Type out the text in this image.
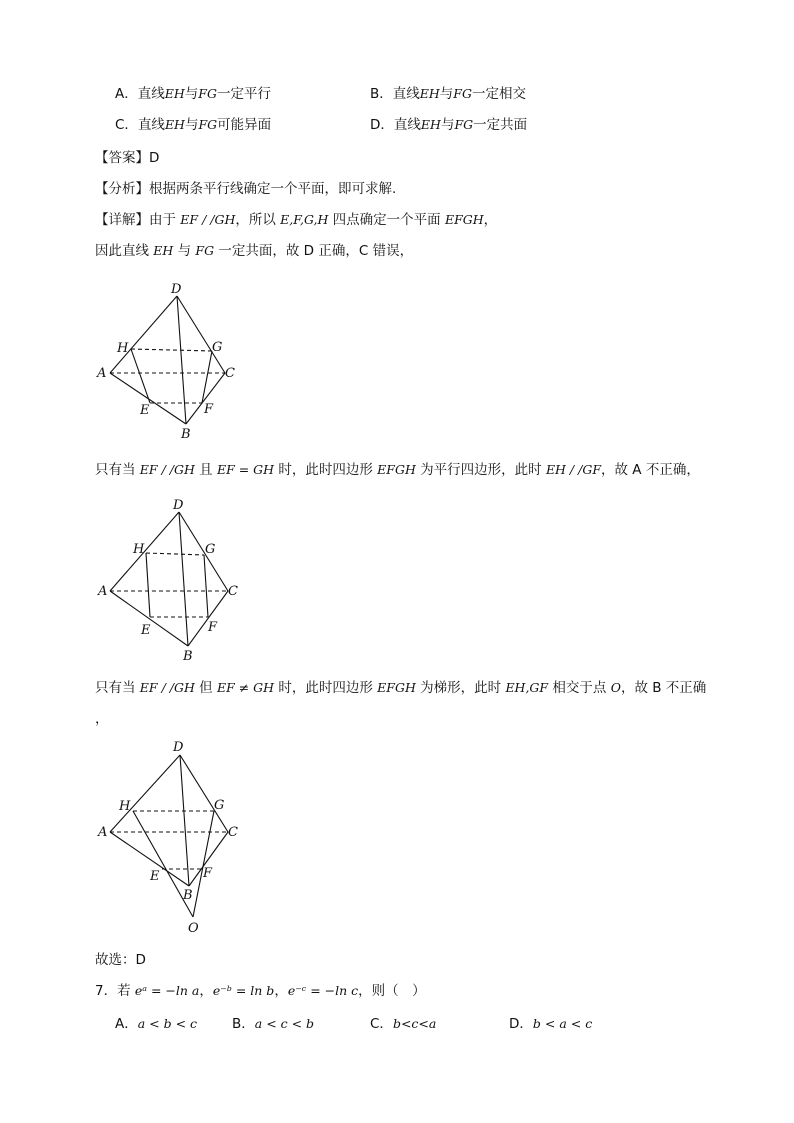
A．直线EH与FG一定平行	B．直线EH与FG一定相交
C．直线EH与FG可能异面	D．直线EH与FG一定共面
【答案】D
【分析】根据两条平行线确定一个平面，即可求解.
【详解】由于 EF / /GH，所以 E,F,G,H 四点确定一个平面 EFGH，
因此直线 EH 与 FG 一定共面，故 D 正确，C 错误，
D
H	G
A	C
E	F
B
只有当 EF / /GH 且 EF = GH 时，此时四边形 EFGH 为平行四边形，此时 EH / /GF，故 A 不正确，
D
H	G
A	C
E	F
B
只有当 EF / /GH 但 EF ≠ GH 时，此时四边形 EFGH 为梯形，此时 EH,GF 相交于点 O，故 B 不正确
，
D
H	G
A	C
E	F
B
O
故选：D
7．若 eᵃ = −ln a，e⁻ᵇ = ln b，e⁻ᶜ = −ln c，则（　）
A．a < b < c	B．a < c < b	C．b<c<a	D．b < a < c
